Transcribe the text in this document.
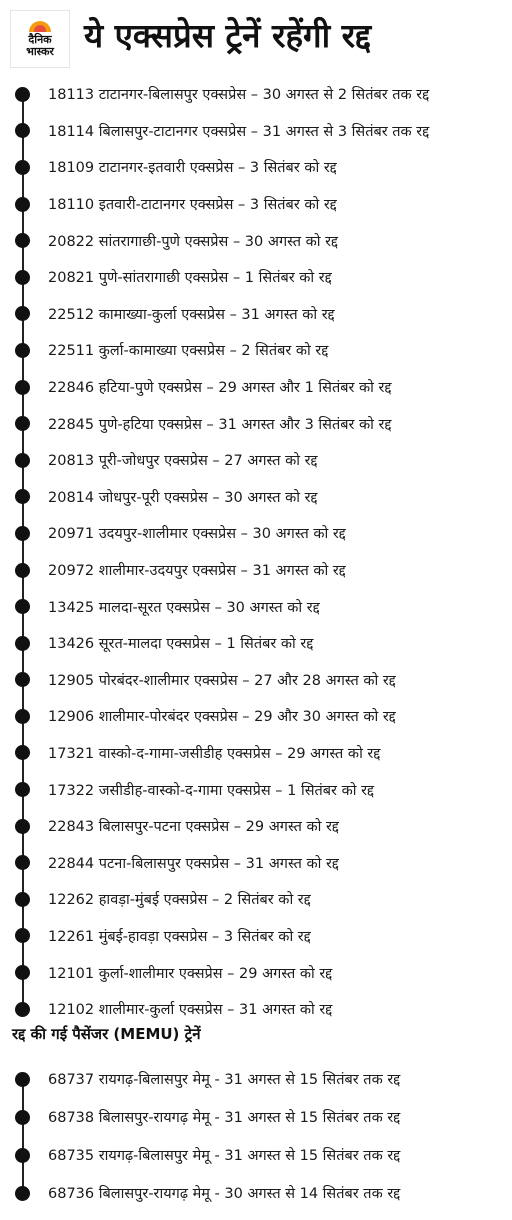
दैनिक
भास्कर ये एक्सप्रेस ट्रेनें रहेंगी रद्द
18113 टाटानगर-बिलासपुर एक्सप्रेस – 30 अगस्त से 2 सितंबर तक रद्द
18114 बिलासपुर-टाटानगर एक्सप्रेस – 31 अगस्त से 3 सितंबर तक रद्द
18109 टाटानगर-इतवारी एक्सप्रेस – 3 सितंबर को रद्द
18110 इतवारी-टाटानगर एक्सप्रेस – 3 सितंबर को रद्द
20822 सांतरागाछी-पुणे एक्सप्रेस – 30 अगस्त को रद्द
20821 पुणे-सांतरागाछी एक्सप्रेस – 1 सितंबर को रद्द
22512 कामाख्या-कुर्ला एक्सप्रेस – 31 अगस्त को रद्द
22511 कुर्ला-कामाख्या एक्सप्रेस – 2 सितंबर को रद्द
22846 हटिया-पुणे एक्सप्रेस – 29 अगस्त और 1 सितंबर को रद्द
22845 पुणे-हटिया एक्सप्रेस – 31 अगस्त और 3 सितंबर को रद्द
20813 पूरी-जोधपुर एक्सप्रेस – 27 अगस्त को रद्द
20814 जोधपुर-पूरी एक्सप्रेस – 30 अगस्त को रद्द
20971 उदयपुर-शालीमार एक्सप्रेस – 30 अगस्त को रद्द
20972 शालीमार-उदयपुर एक्सप्रेस – 31 अगस्त को रद्द
13425 मालदा-सूरत एक्सप्रेस – 30 अगस्त को रद्द
13426 सूरत-मालदा एक्सप्रेस – 1 सितंबर को रद्द
12905 पोरबंदर-शालीमार एक्सप्रेस – 27 और 28 अगस्त को रद्द
12906 शालीमार-पोरबंदर एक्सप्रेस – 29 और 30 अगस्त को रद्द
17321 वास्को-द-गामा-जसीडीह एक्सप्रेस – 29 अगस्त को रद्द
17322 जसीडीह-वास्को-द-गामा एक्सप्रेस – 1 सितंबर को रद्द
22843 बिलासपुर-पटना एक्सप्रेस – 29 अगस्त को रद्द
22844 पटना-बिलासपुर एक्सप्रेस – 31 अगस्त को रद्द
12262 हावड़ा-मुंबई एक्सप्रेस – 2 सितंबर को रद्द
12261 मुंबई-हावड़ा एक्सप्रेस – 3 सितंबर को रद्द
12101 कुर्ला-शालीमार एक्सप्रेस – 29 अगस्त को रद्द
12102 शालीमार-कुर्ला एक्सप्रेस – 31 अगस्त को रद्द
रद्द की गई पैसेंजर (MEMU) ट्रेनें
68737 रायगढ़-बिलासपुर मेमू - 31 अगस्त से 15 सितंबर तक रद्द
68738 बिलासपुर-रायगढ़ मेमू - 31 अगस्त से 15 सितंबर तक रद्द
68735 रायगढ़-बिलासपुर मेमू - 31 अगस्त से 15 सितंबर तक रद्द
68736 बिलासपुर-रायगढ़ मेमू - 30 अगस्त से 14 सितंबर तक रद्द
